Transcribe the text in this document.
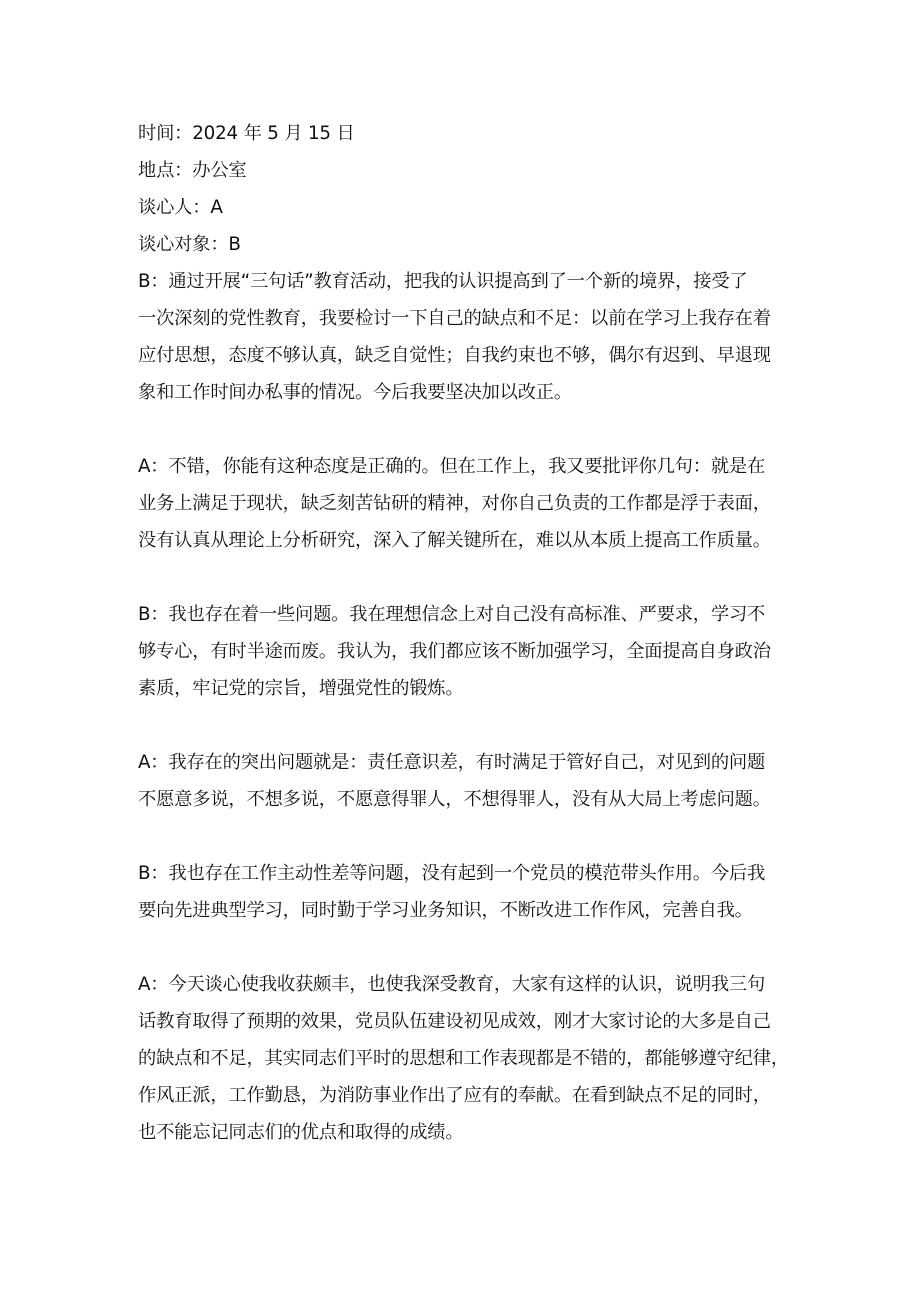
时间：2024 年 5 月 15 日
地点：办公室
谈心人：A
谈心对象：B
B：通过开展“三句话”教育活动，把我的认识提高到了一个新的境界，接受了
一次深刻的党性教育，我要检讨一下自己的缺点和不足：以前在学习上我存在着
应付思想，态度不够认真，缺乏自觉性；自我约束也不够，偶尔有迟到、早退现
象和工作时间办私事的情况。今后我要坚决加以改正。
A：不错，你能有这种态度是正确的。但在工作上，我又要批评你几句：就是在
业务上满足于现状，缺乏刻苦钻研的精神，对你自己负责的工作都是浮于表面，
没有认真从理论上分析研究，深入了解关键所在，难以从本质上提高工作质量。
B：我也存在着一些问题。我在理想信念上对自己没有高标准、严要求，学习不
够专心，有时半途而废。我认为，我们都应该不断加强学习，全面提高自身政治
素质，牢记党的宗旨，增强党性的锻炼。
A：我存在的突出问题就是：责任意识差，有时满足于管好自己，对见到的问题
不愿意多说，不想多说，不愿意得罪人，不想得罪人，没有从大局上考虑问题。
B：我也存在工作主动性差等问题，没有起到一个党员的模范带头作用。今后我
要向先进典型学习，同时勤于学习业务知识，不断改进工作作风，完善自我。
A：今天谈心使我收获颇丰，也使我深受教育，大家有这样的认识，说明我三句
话教育取得了预期的效果，党员队伍建设初见成效，刚才大家讨论的大多是自己
的缺点和不足，其实同志们平时的思想和工作表现都是不错的，都能够遵守纪律，
作风正派，工作勤恳，为消防事业作出了应有的奉献。在看到缺点不足的同时，
也不能忘记同志们的优点和取得的成绩。
